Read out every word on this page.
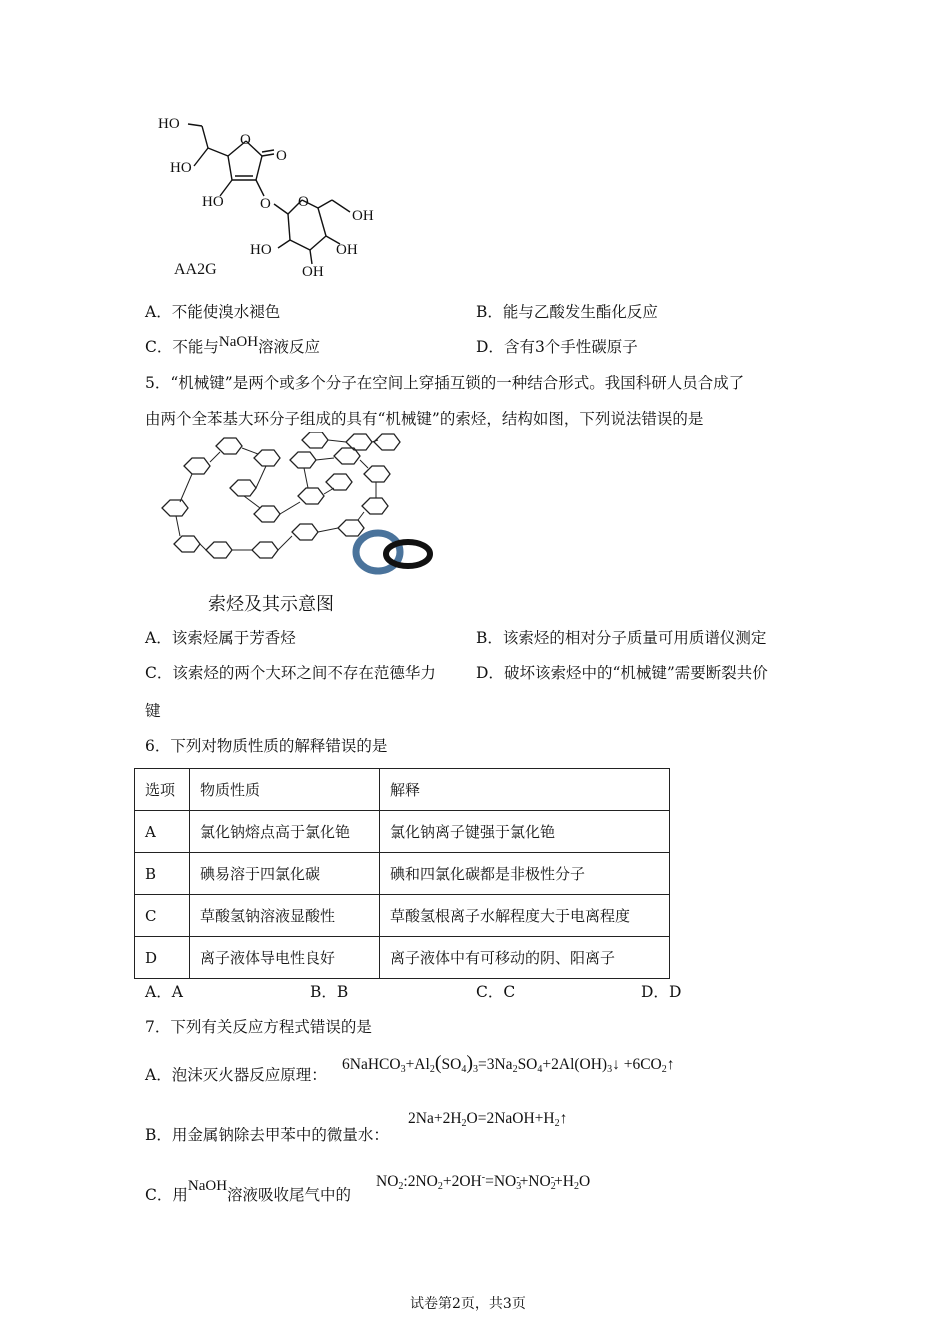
HO
HO
O
O
HO O O
OH
HO	OH
OH
AA2G
A．不能使溴水褪色	B．能与乙酸发生酯化反应
C．不能与NaOH溶液反应	D．含有3个手性碳原子
5．“机械键”是两个或多个分子在空间上穿插互锁的一种结合形式。我国科研人员合成了
由两个全苯基大环分子组成的具有“机械键”的索烃，结构如图，下列说法错误的是
索烃及其示意图
A．该索烃属于芳香烃	B．该索烃的相对分子质量可用质谱仪测定
C．该索烃的两个大环之间不存在范德华力	D．破坏该索烃中的“机械键”需要断裂共价
键
6．下列对物质性质的解释错误的是
选项	物质性质	解释
A	氯化钠熔点高于氯化铯	氯化钠离子键强于氯化铯
B	碘易溶于四氯化碳	碘和四氯化碳都是非极性分子
C	草酸氢钠溶液显酸性	草酸氢根离子水解程度大于电离程度
D	离子液体导电性良好	离子液体中有可移动的阴、阳离子
A．A	B．B	C．C	D．D
7．下列有关反应方程式错误的是
A．泡沫灭火器反应原理：
$6NaHCO_3+Al_2(SO_4)_3=3Na_2SO_4+2Al(OH)_3↓$ $+6CO_2↑$
B．用金属钠除去甲苯中的微量水：
$2Na+2H_2O=2NaOH+H_2↑$
C．用NaOH溶液吸收尾气中的
$NO_2:2NO_2+2OH^-=NO_3^-+NO_2^-+H_2O$
试卷第2页，共3页
